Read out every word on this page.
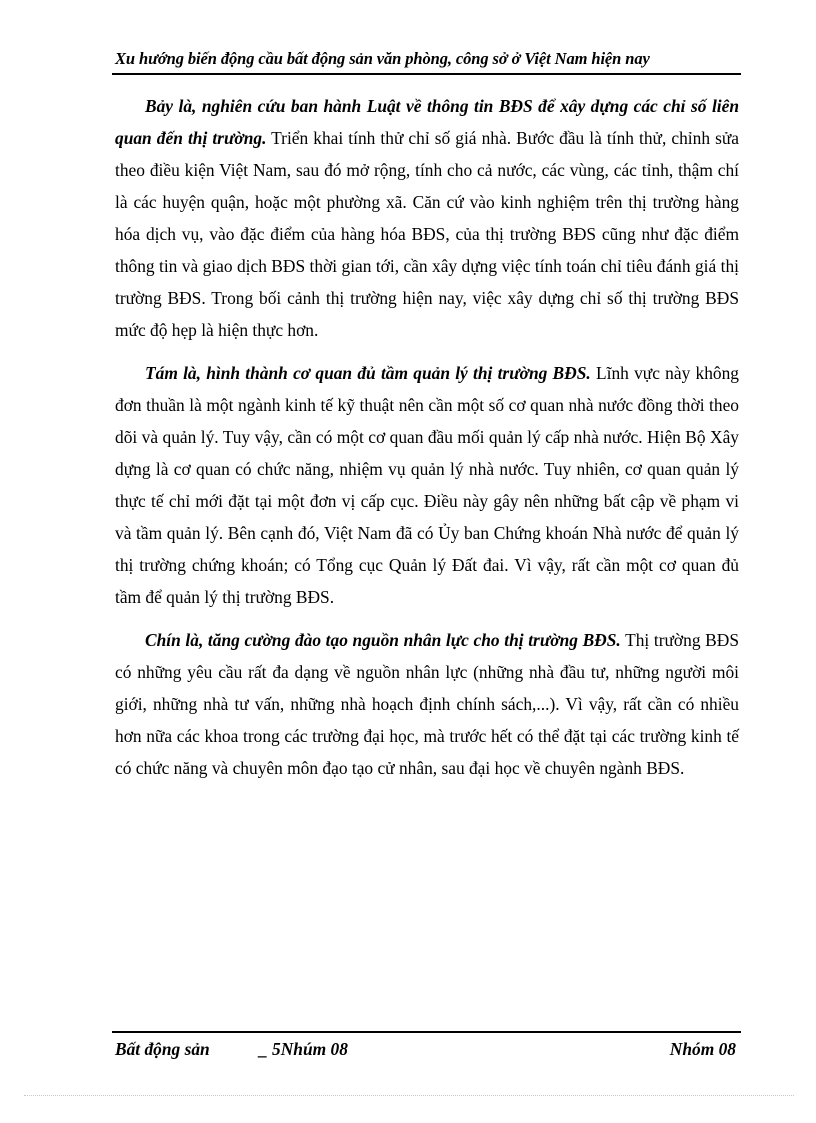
Xu hướng biến động cầu bất động sản văn phòng, công sở ở Việt Nam hiện nay

Bảy là, nghiên cứu ban hành Luật về thông tin BĐS để xây dựng các chỉ số liên quan đến thị trường. Triển khai tính thử chỉ số giá nhà. Bước đầu là tính thử, chỉnh sửa theo điều kiện Việt Nam, sau đó mở rộng, tính cho cả nước, các vùng, các tỉnh, thậm chí là các huyện quận, hoặc một phường xã. Căn cứ vào kinh nghiệm trên thị trường hàng hóa dịch vụ, vào đặc điểm của hàng hóa BĐS, của thị trường BĐS cũng như đặc điểm thông tin và giao dịch BĐS thời gian tới, cần xây dựng việc tính toán chỉ tiêu đánh giá thị trường BĐS. Trong bối cảnh thị trường hiện nay, việc xây dựng chỉ số thị trường BĐS mức độ hẹp là hiện thực hơn.

Tám là, hình thành cơ quan đủ tầm quản lý thị trường BĐS. Lĩnh vực này không đơn thuần là một ngành kinh tế kỹ thuật nên cần một số cơ quan nhà nước đồng thời theo dõi và quản lý. Tuy vậy, cần có một cơ quan đầu mối quản lý cấp nhà nước. Hiện Bộ Xây dựng là cơ quan có chức năng, nhiệm vụ quản lý nhà nước. Tuy nhiên, cơ quan quản lý thực tế chỉ mới đặt tại một đơn vị cấp cục. Điều này gây nên những bất cập về phạm vi và tầm quản lý. Bên cạnh đó, Việt Nam đã có Ủy ban Chứng khoán Nhà nước để quản lý thị trường chứng khoán; có Tổng cục Quản lý Đất đai. Vì vậy, rất cần một cơ quan đủ tầm để quản lý thị trường BĐS.

Chín là, tăng cường đào tạo nguồn nhân lực cho thị trường BĐS. Thị trường BĐS có những yêu cầu rất đa dạng về nguồn nhân lực (những nhà đầu tư, những người môi giới, những nhà tư vấn, những nhà hoạch định chính sách,...). Vì vậy, rất cần có nhiều hơn nữa các khoa trong các trường đại học, mà trước hết có thể đặt tại các trường kinh tế có chức năng và chuyên môn đạo tạo cử nhân, sau đại học về chuyên ngành BĐS.

Bất động sản	_ 5Nhúm 08	Nhóm 08
